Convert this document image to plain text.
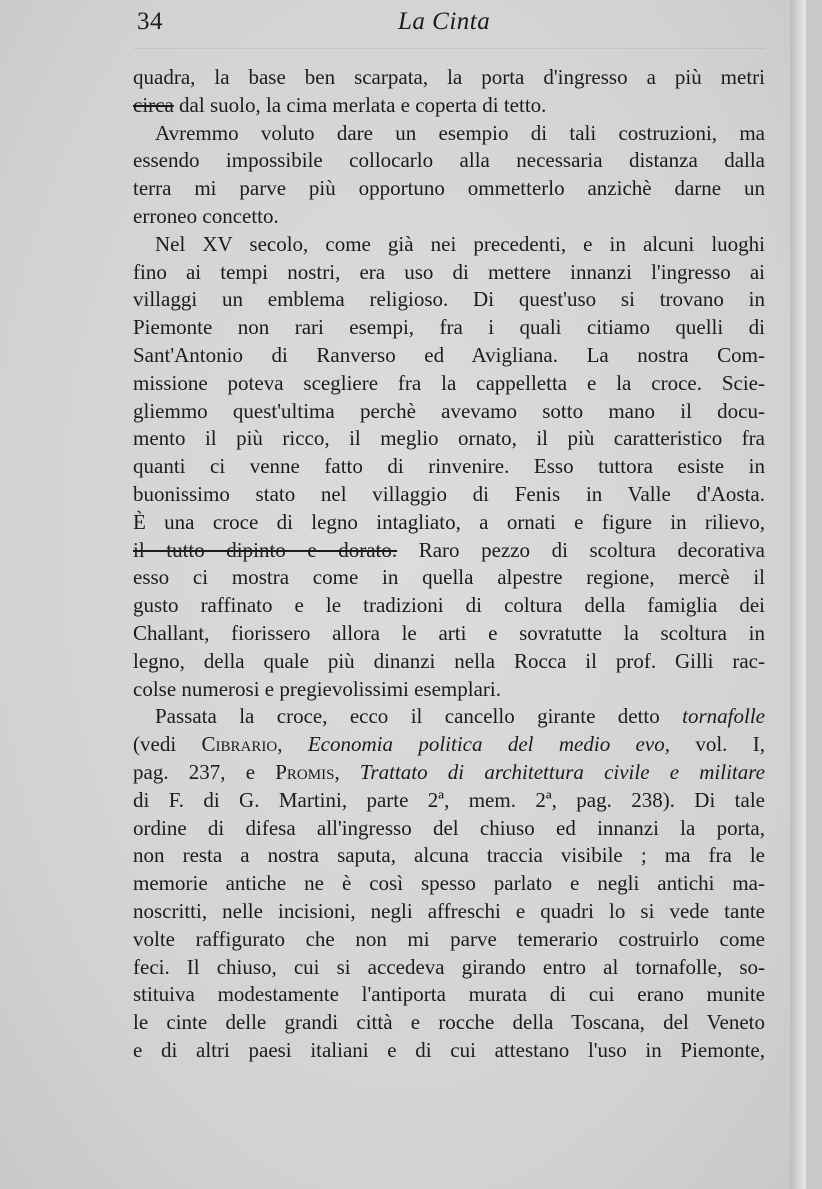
34	La Cinta
quadra, la base ben scarpata, la porta d'ingresso a più metri
circa dal suolo, la cima merlata e coperta di tetto.
Avremmo voluto dare un esempio di tali costruzioni, ma
essendo impossibile collocarlo alla necessaria distanza dalla
terra mi parve più opportuno ommetterlo anzichè darne un
erroneo concetto.
Nel XV secolo, come già nei precedenti, e in alcuni luoghi
fino ai tempi nostri, era uso di mettere innanzi l'ingresso ai
villaggi un emblema religioso. Di quest'uso si trovano in
Piemonte non rari esempi, fra i quali citiamo quelli di
Sant'Antonio di Ranverso ed Avigliana. La nostra Com-
missione poteva scegliere fra la cappelletta e la croce. Scie-
gliemmo quest'ultima perchè avevamo sotto mano il docu-
mento il più ricco, il meglio ornato, il più caratteristico fra
quanti ci venne fatto di rinvenire. Esso tuttora esiste in
buonissimo stato nel villaggio di Fenis in Valle d'Aosta.
È una croce di legno intagliato, a ornati e figure in rilievo,
il tutto dipinto e dorato. Raro pezzo di scoltura decorativa
esso ci mostra come in quella alpestre regione, mercè il
gusto raffinato e le tradizioni di coltura della famiglia dei
Challant, fiorissero allora le arti e sovratutte la scoltura in
legno, della quale più dinanzi nella Rocca il prof. Gilli rac-
colse numerosi e pregievolissimi esemplari.
Passata la croce, ecco il cancello girante detto tornafolle
(vedi Cibrario, Economia politica del medio evo, vol. I,
pag. 237, e Promis, Trattato di architettura civile e militare
di F. di G. Martini, parte 2ª, mem. 2ª, pag. 238). Di tale
ordine di difesa all'ingresso del chiuso ed innanzi la porta,
non resta a nostra saputa, alcuna traccia visibile ; ma fra le
memorie antiche ne è così spesso parlato e negli antichi ma-
noscritti, nelle incisioni, negli affreschi e quadri lo si vede tante
volte raffigurato che non mi parve temerario costruirlo come
feci. Il chiuso, cui si accedeva girando entro al tornafolle, so-
stituiva modestamente l'antiporta murata di cui erano munite
le cinte delle grandi città e rocche della Toscana, del Veneto
e di altri paesi italiani e di cui attestano l'uso in Piemonte,
